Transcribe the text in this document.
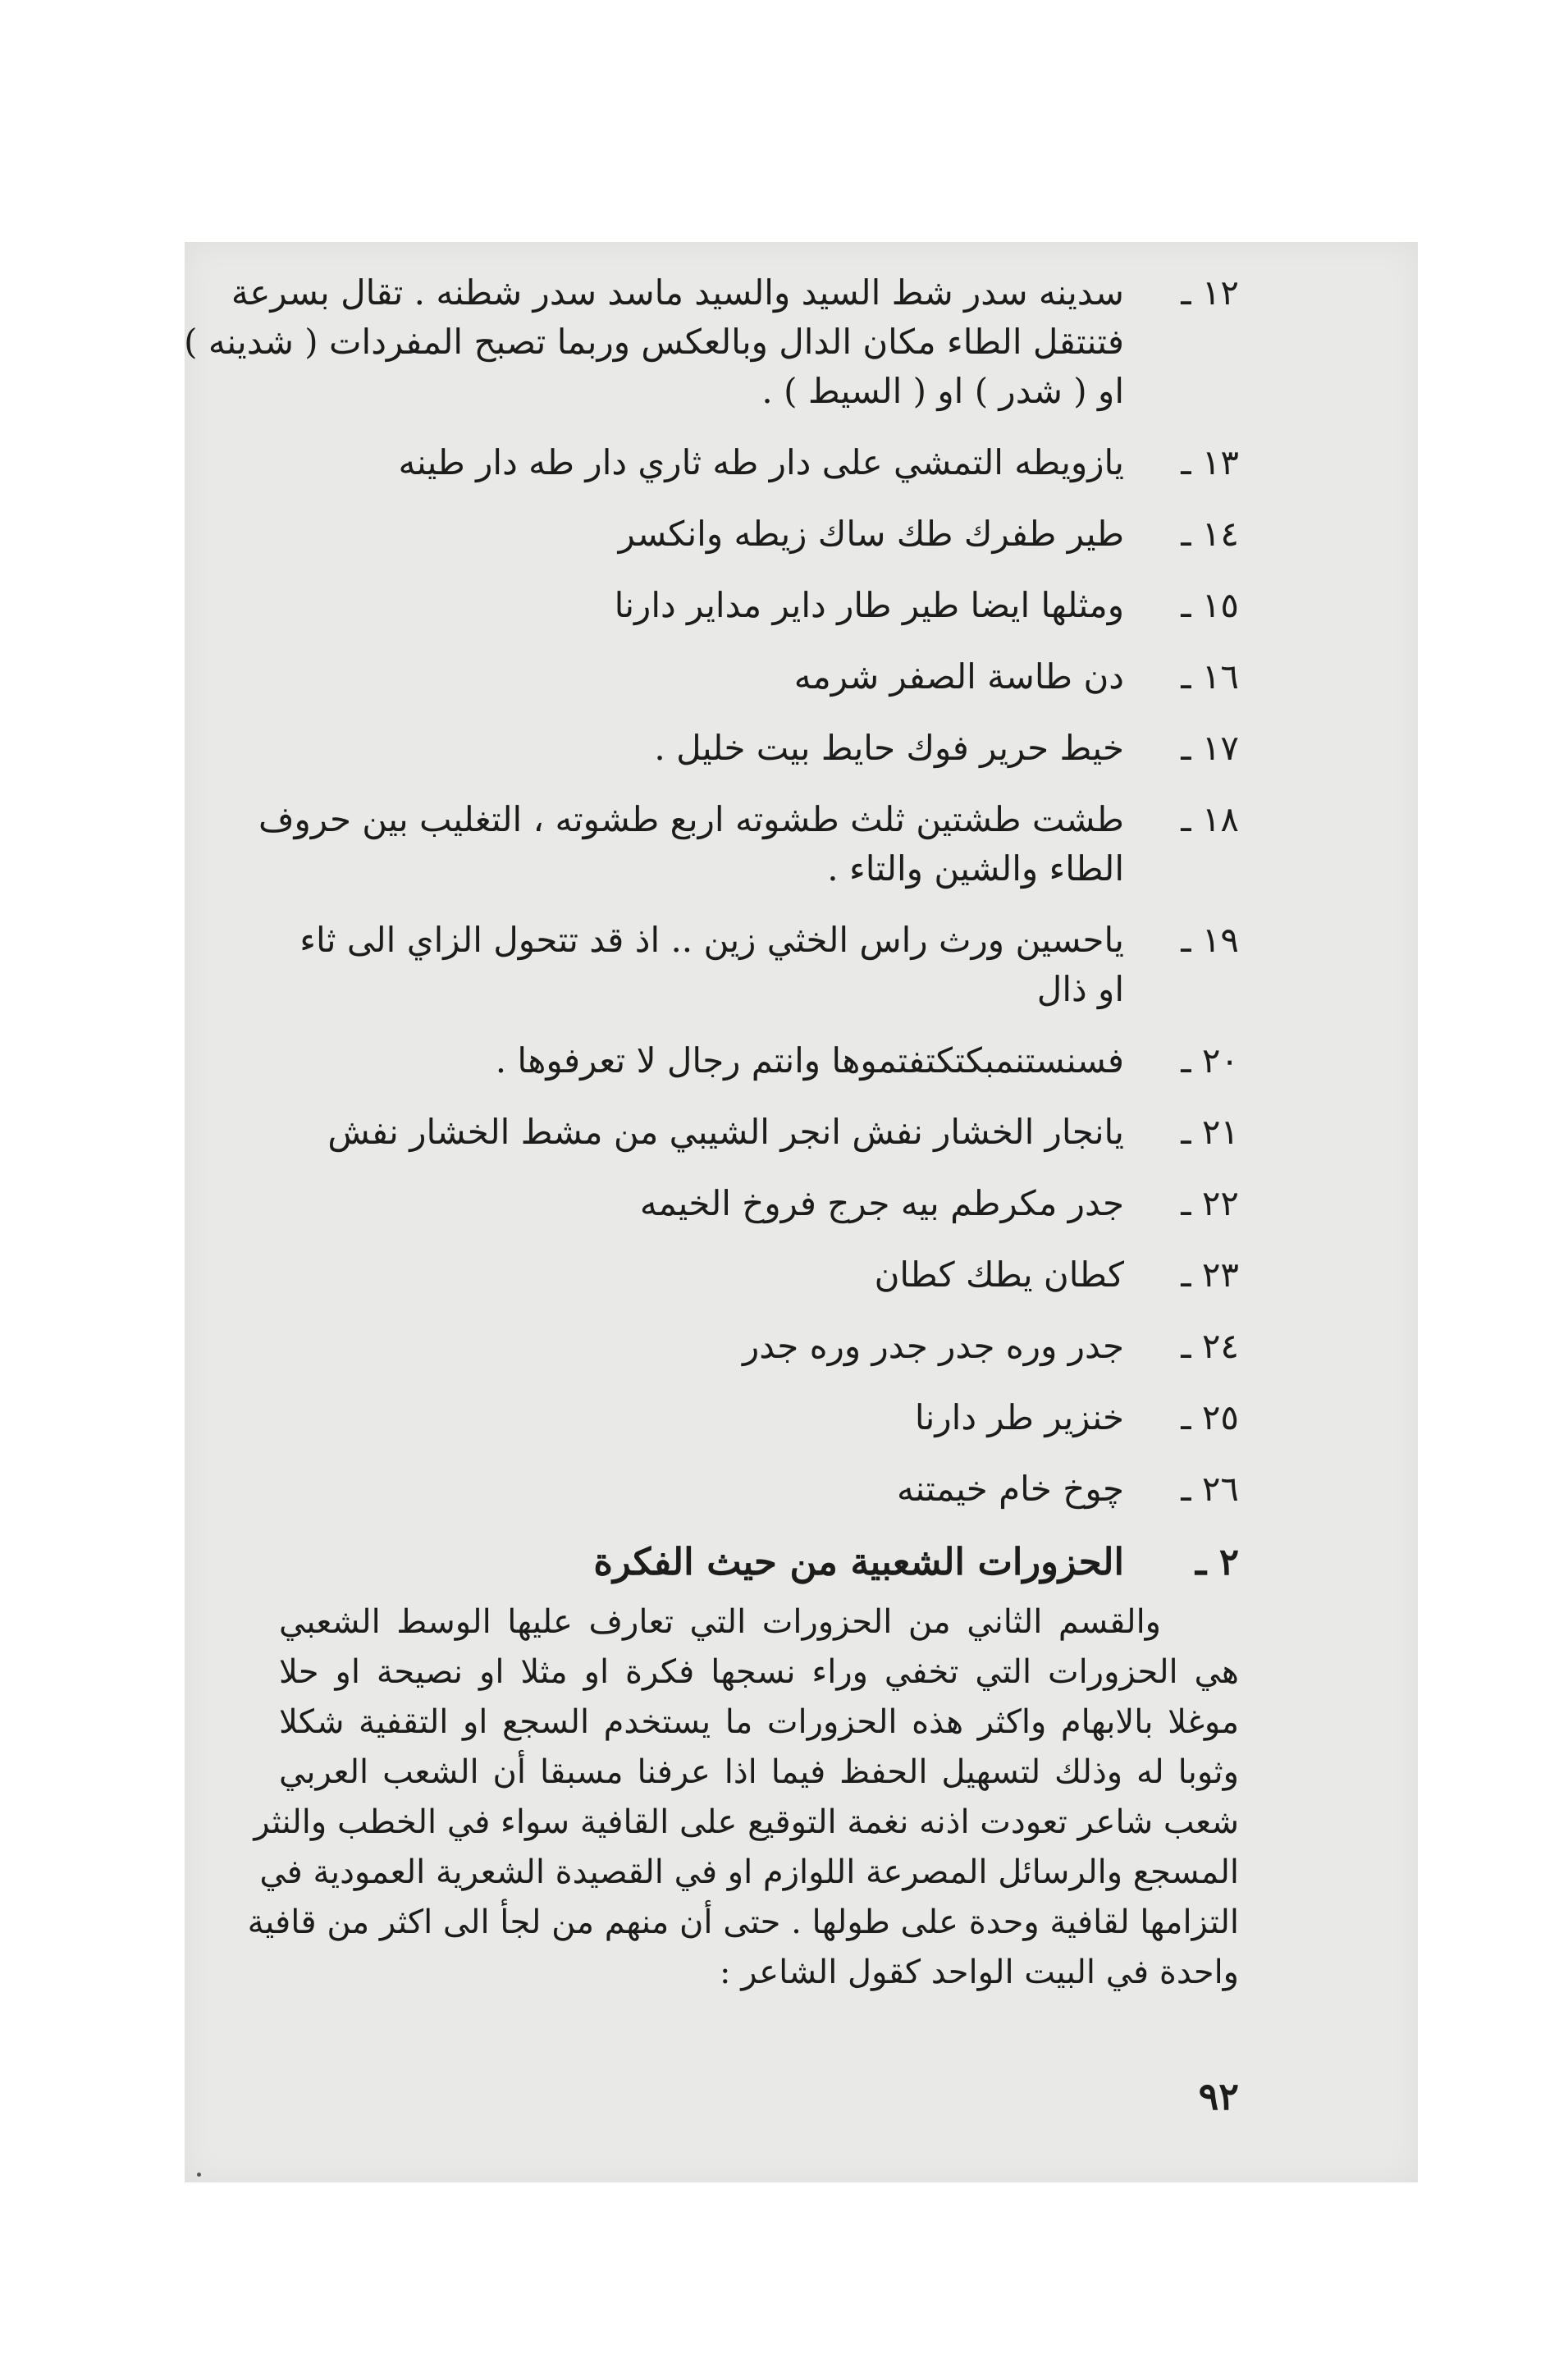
١٢ ـ
سدينه سدر شط السيد والسيد ماسد سدر شطنه . تقال بسرعة
فتنتقل الطاء مكان الدال وبالعكس وربما تصبح المفردات ( شدينه )
او ( شدر ) او ( السيط ) .
١٣ ـ
يازويطه التمشي على دار طه ثاري دار طه دار طينه
١٤ ـ
طير طفرك طك ساك زيطه وانكسر
١٥ ـ
ومثلها ايضا طير طار داير مداير دارنا
١٦ ـ
دن طاسة الصفر شرمه
١٧ ـ
خيط حرير فوك حايط بيت خليل .
١٨ ـ
طشت طشتين ثلث طشوته اربع طشوته ، التغليب بين حروف
الطاء والشين والتاء .
١٩ ـ
ياحسين ورث راس الخثي زين .. اذ قد تتحول الزاي الى ثاء
او ذال
٢٠ ـ
فسنستنمبكتكتفتموها وانتم رجال لا تعرفوها .
٢١ ـ
يانجار الخشار نفش انجر الشيبي من مشط الخشار نفش
٢٢ ـ
جدر مكرطم بيه جرج فروخ الخيمه
٢٣ ـ
كطان يطك كطان
٢٤ ـ
جدر وره جدر جدر وره جدر
٢٥ ـ
خنزير طر دارنا
٢٦ ـ
چوخ خام خيمتنه
٢ ـ
الحزورات الشعبية من حيث الفكرة
والقسم الثاني من الحزورات التي تعارف عليها الوسط الشعبي
هي الحزورات التي تخفي وراء نسجها فكرة او مثلا او نصيحة او حلا
موغلا بالابهام واكثر هذه الحزورات ما يستخدم السجع او التقفية شكلا
وثوبا له وذلك لتسهيل الحفظ فيما اذا عرفنا مسبقا أن الشعب العربي
شعب شاعر تعودت اذنه نغمة التوقيع على القافية سواء في الخطب والنثر
المسجع والرسائل المصرعة اللوازم او في القصيدة الشعرية العمودية في
التزامها لقافية وحدة على طولها . حتى أن منهم من لجأ الى اكثر من قافية
واحدة في البيت الواحد كقول الشاعر :
٩٢
